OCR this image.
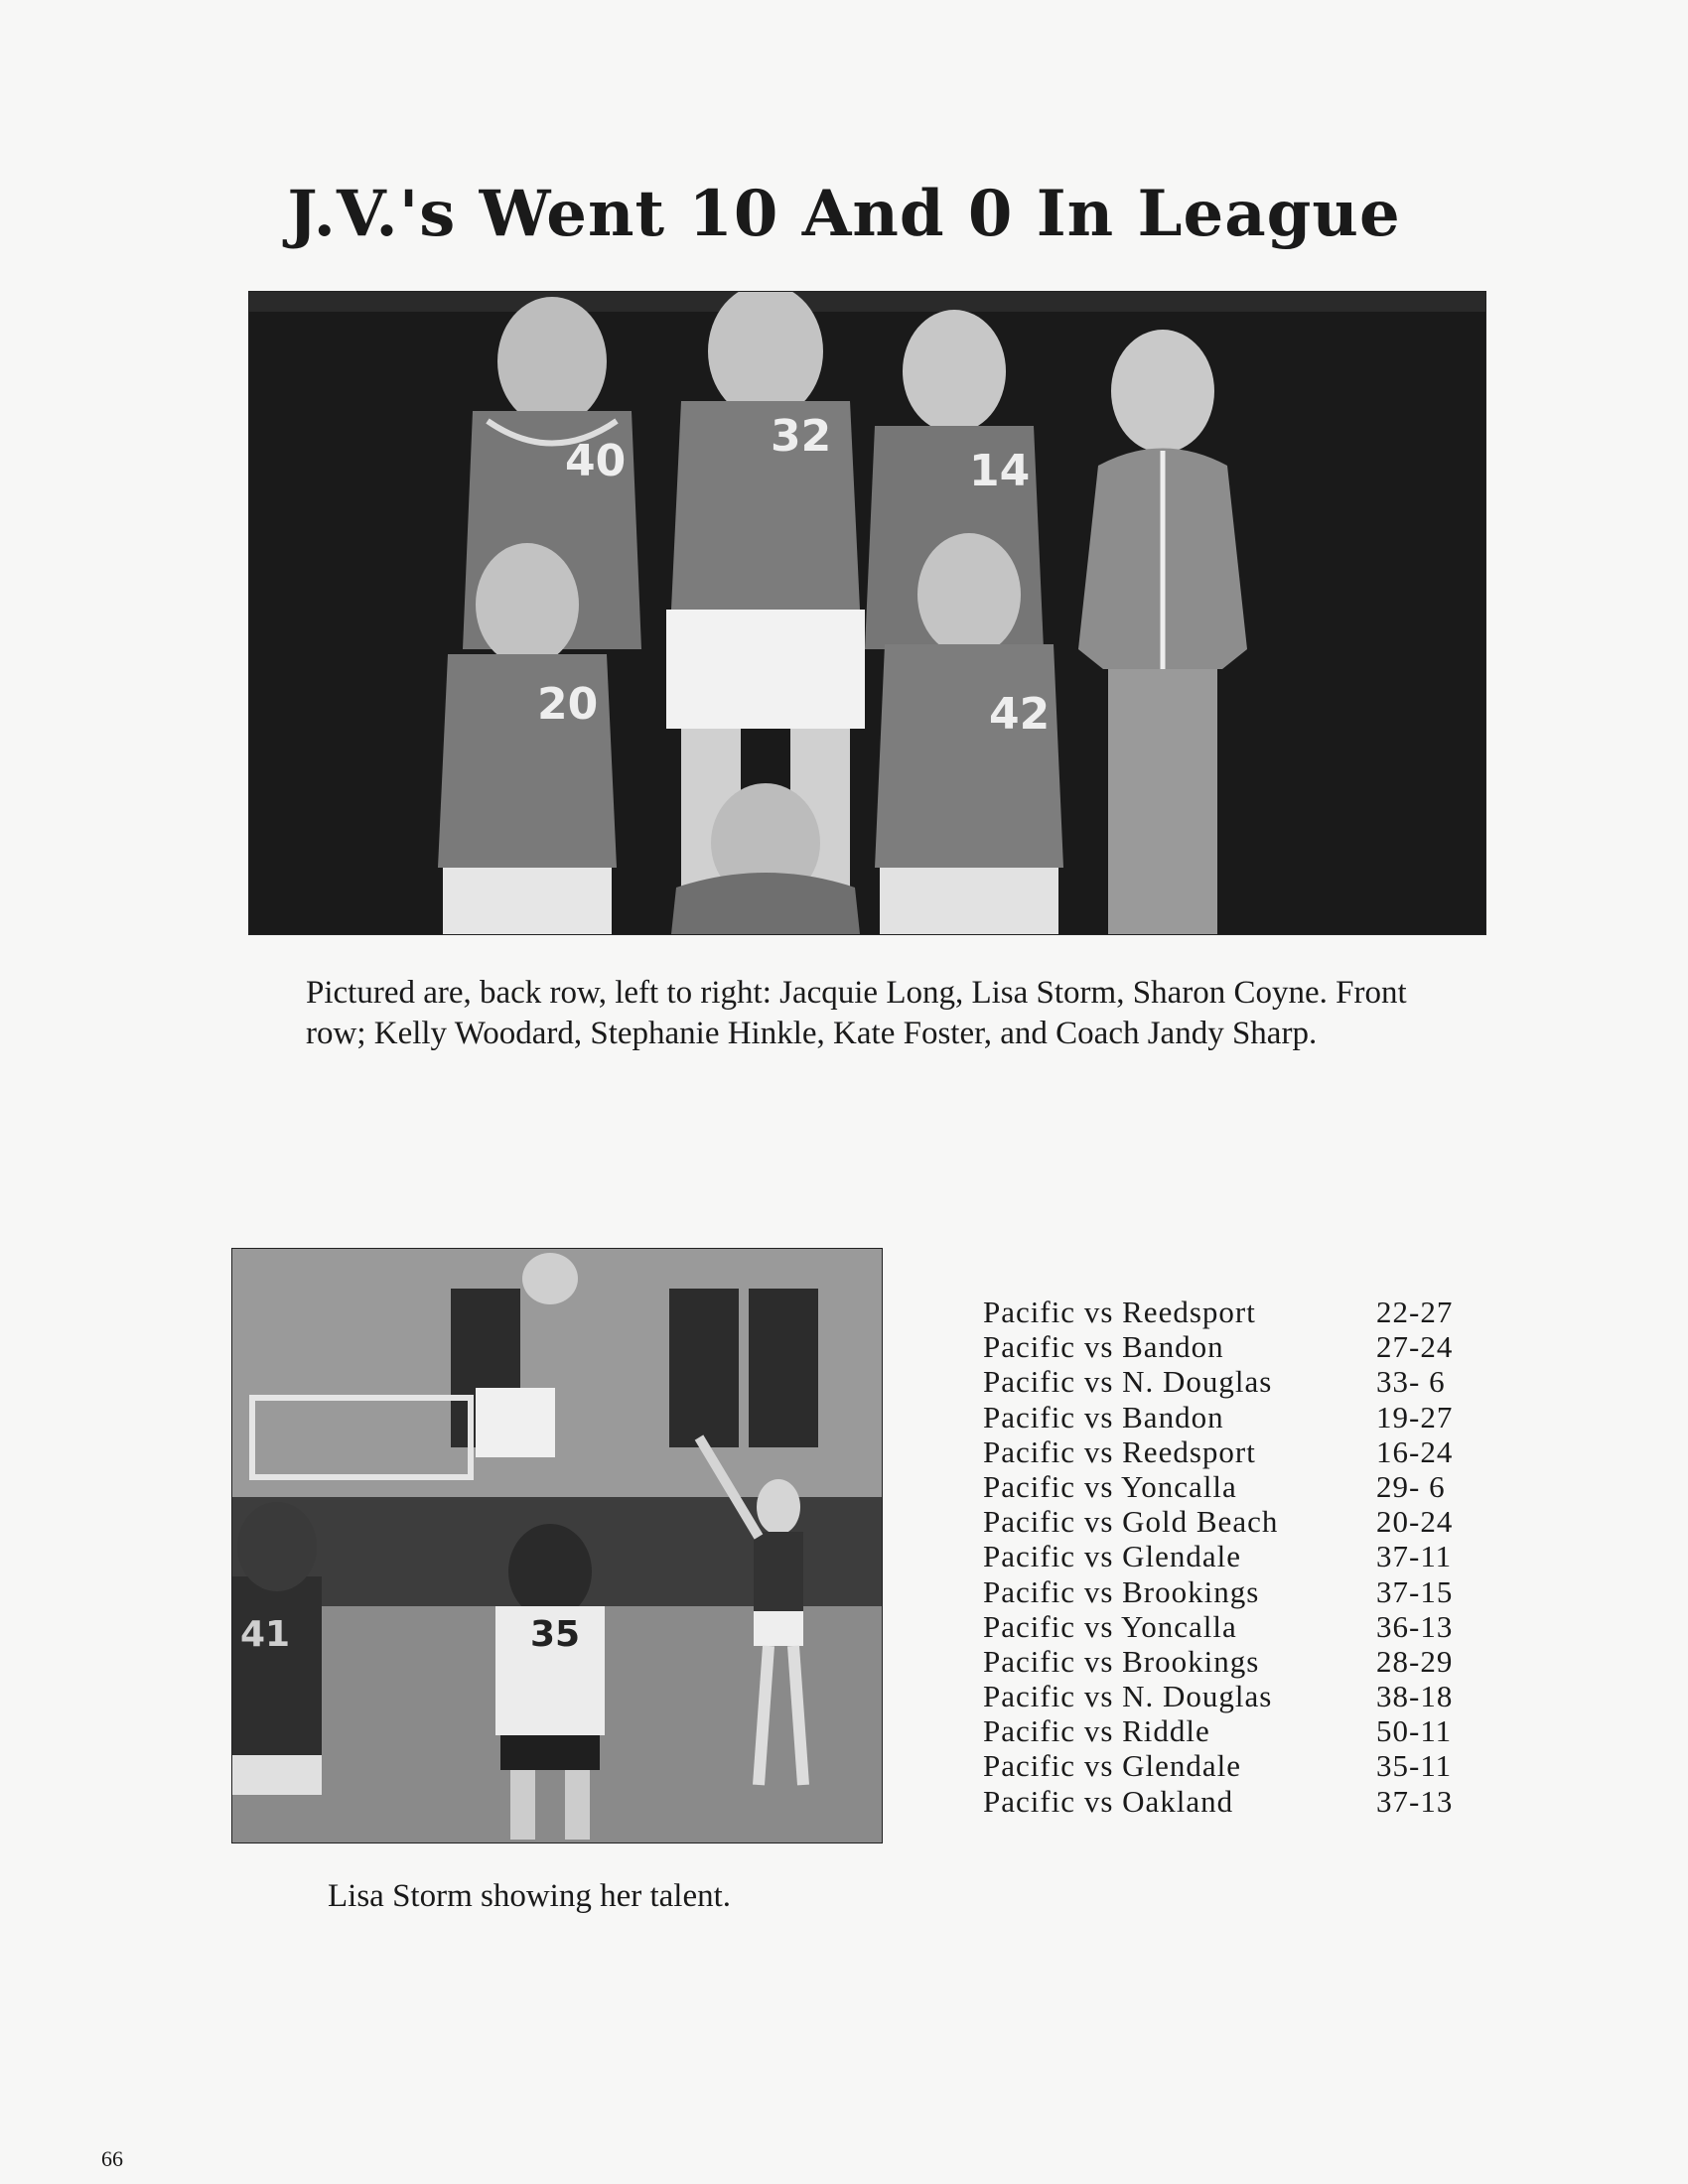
J.V.'s Went 10 And 0 In League
40	32
14
20	42
Pictured are, back row, left to right: Jacquie Long, Lisa Storm, Sharon Coyne. Front row; Kelly Woodard, Stephanie Hinkle, Kate Foster, and Coach Jandy Sharp.
41	35
Lisa Storm showing her talent.
Pacific vs Reedsport	22-27
Pacific vs Bandon	27-24
Pacific vs N. Douglas	33- 6
Pacific vs Bandon	19-27
Pacific vs Reedsport	16-24
Pacific vs Yoncalla	29- 6
Pacific vs Gold Beach	20-24
Pacific vs Glendale	37-11
Pacific vs Brookings	37-15
Pacific vs Yoncalla	36-13
Pacific vs Brookings	28-29
Pacific vs N. Douglas	38-18
Pacific vs Riddle	50-11
Pacific vs Glendale	35-11
Pacific vs Oakland	37-13
66
